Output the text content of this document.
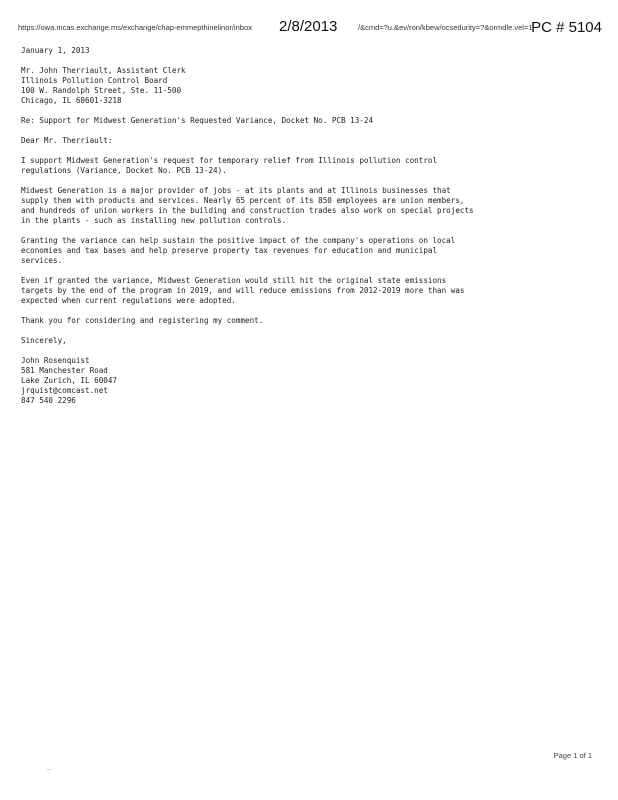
https://owa.mcas.exchange.ms/exchange/chap-emmepthinelinor/inbox	2/8/2013	/&cmd=?u.&ev/ron/kbew/ocsedurity=?&ormdle.vel=1
PC # 5104

January 1, 2013

Mr. John Therriault, Assistant Clerk
Illinois Pollution Control Board
100 W. Randolph Street, Ste. 11-500
Chicago, IL 60601-3218

Re: Support for Midwest Generation's Requested Variance, Docket No. PCB 13-24

Dear Mr. Therriault:

I support Midwest Generation's request for temporary relief from Illinois pollution control
regulations (Variance, Docket No. PCB 13-24).

Midwest Generation is a major provider of jobs - at its plants and at Illinois businesses that
supply them with products and services. Nearly 65 percent of its 850 employees are union members,
and hundreds of union workers in the building and construction trades also work on special projects
in the plants - such as installing new pollution controls.

Granting the variance can help sustain the positive impact of the company's operations on local
economies and tax bases and help preserve property tax revenues for education and municipal
services.

Even if granted the variance, Midwest Generation would still hit the original state emissions
targets by the end of the program in 2019, and will reduce emissions from 2012-2019 more than was
expected when current regulations were adopted.

Thank you for considering and registering my comment.

Sincerely,

John Rosenquist
581 Manchester Road
Lake Zurich, IL 60047
jrquist@comcast.net
847 540 2296

Page 1 of 1
...
